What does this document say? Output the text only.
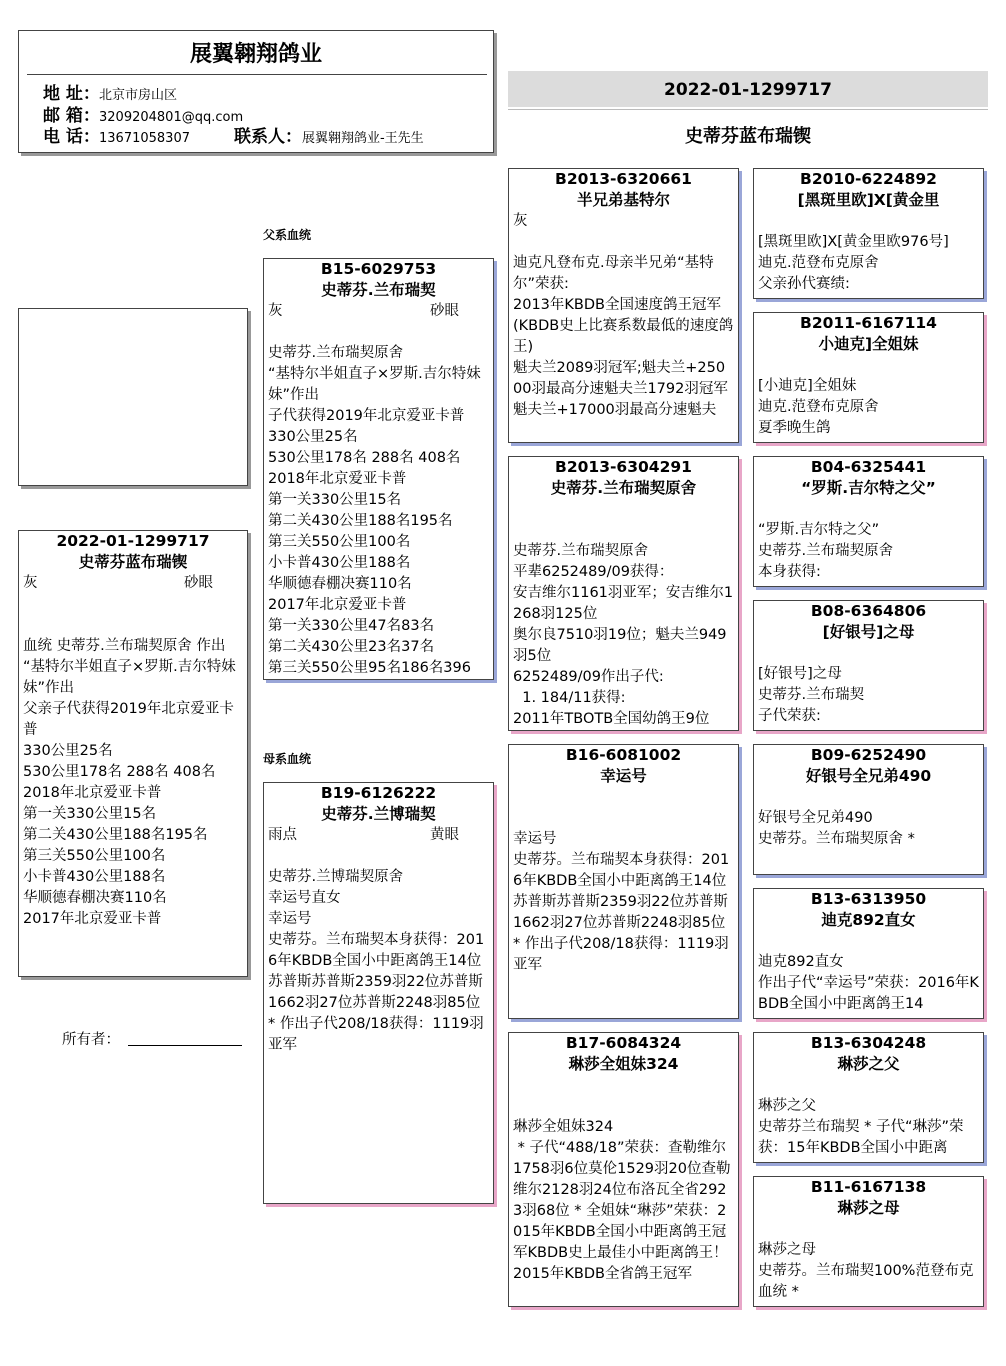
展翼翱翔鸽业
地 址：北京市房山区
邮 箱：3209204801@qq.com
电 话：13671058307	联系人：展翼翱翔鸽业-王先生
2022-01-1299717
史蒂芬蓝布瑞锲
2022-01-1299717
史蒂芬蓝布瑞锲
灰	砂眼
血统 史蒂芬.兰布瑞契原舍 作出
“基特尔半姐直子×罗斯.吉尔特妹妹”作出
父亲子代获得2019年北京爱亚卡普
330公里25名
530公里178名 288名 408名
2018年北京爱亚卡普
第一关330公里15名
第二关430公里188名195名
第三关550公里100名
小卡普430公里188名
华顺德春棚决赛110名
2017年北京爱亚卡普
所有者：
父系血统
母系血统
B15-6029753
史蒂芬.兰布瑞契
灰	砂眼
史蒂芬.兰布瑞契原舍
“基特尔半姐直子×罗斯.吉尔特妹妹”作出
子代获得2019年北京爱亚卡普
330公里25名
530公里178名 288名 408名
2018年北京爱亚卡普
第一关330公里15名
第二关430公里188名195名
第三关550公里100名
小卡普430公里188名
华顺德春棚决赛110名
2017年北京爱亚卡普
第一关330公里47名83名
第二关430公里23名37名
第三关550公里95名186名396
B19-6126222
史蒂芬.兰博瑞契
雨点	黄眼
史蒂芬.兰博瑞契原舍
幸运号直女
幸运号
史蒂芬。兰布瑞契本身获得：2016年KBDB全国小中距离鸽王14位苏普斯苏普斯2359羽22位苏普斯1662羽27位苏普斯2248羽85位 * 作出子代208/18获得：1119羽亚军
B2013-6320661
半兄弟基特尔
灰
迪克凡登布克.母亲半兄弟“基特尔”荣获:
2013年KBDB全国速度鸽王冠军(KBDB史上比赛系数最低的速度鸽王)
魁夫兰2089羽冠军;魁夫兰+25000羽最高分速魁夫兰1792羽冠军
魁夫兰+17000羽最高分速魁夫
B2013-6304291
史蒂芬.兰布瑞契原舍
史蒂芬.兰布瑞契原舍
平辈6252489/09获得：
安吉维尔1161羽亚军；安吉维尔1268羽125位
奥尔良7510羽19位；魁夫兰949羽5位
6252489/09作出子代:
1. 184/11获得:
2011年TBOTB全国幼鸽王9位
B16-6081002
幸运号
幸运号
史蒂芬。兰布瑞契本身获得：2016年KBDB全国小中距离鸽王14位苏普斯苏普斯2359羽22位苏普斯1662羽27位苏普斯2248羽85位 * 作出子代208/18获得：1119羽亚军
B17-6084324
琳莎全姐妹324
琳莎全姐妹324
* 子代“488/18”荣获：查勒维尔1758羽6位莫伦1529羽20位查勒维尔2128羽24位布洛瓦全省2923羽68位 * 全姐妹“琳莎”荣获：2015年KBDB全国小中距离鸽王冠军KBDB史上最佳小中距离鸽王！2015年KBDB全省鸽王冠军
B2010-6224892
[黑斑里欧]X[黄金里
[黑斑里欧]X[黄金里欧976号]
迪克.范登布克原舍
父亲孙代赛绩:
B2011-6167114
小迪克]全姐妹
[小迪克]全姐妹
迪克.范登布克原舍
夏季晚生鸽
B04-6325441
“罗斯.吉尔特之父”
“罗斯.吉尔特之父”
史蒂芬.兰布瑞契原舍
本身获得:
B08-6364806
[好银号]之母
[好银号]之母
史蒂芬.兰布瑞契
子代荣获:
B09-6252490
好银号全兄弟490
好银号全兄弟490
史蒂芬。兰布瑞契原舍 *
B13-6313950
迪克892直女
迪克892直女
作出子代“幸运号”荣获：2016年KBDB全国小中距离鸽王14
B13-6304248
琳莎之父
琳莎之父
史蒂芬兰布瑞契 * 子代“琳莎”荣获：15年KBDB全国小中距离
B11-6167138
琳莎之母
琳莎之母
史蒂芬。兰布瑞契100%范登布克血统 *
